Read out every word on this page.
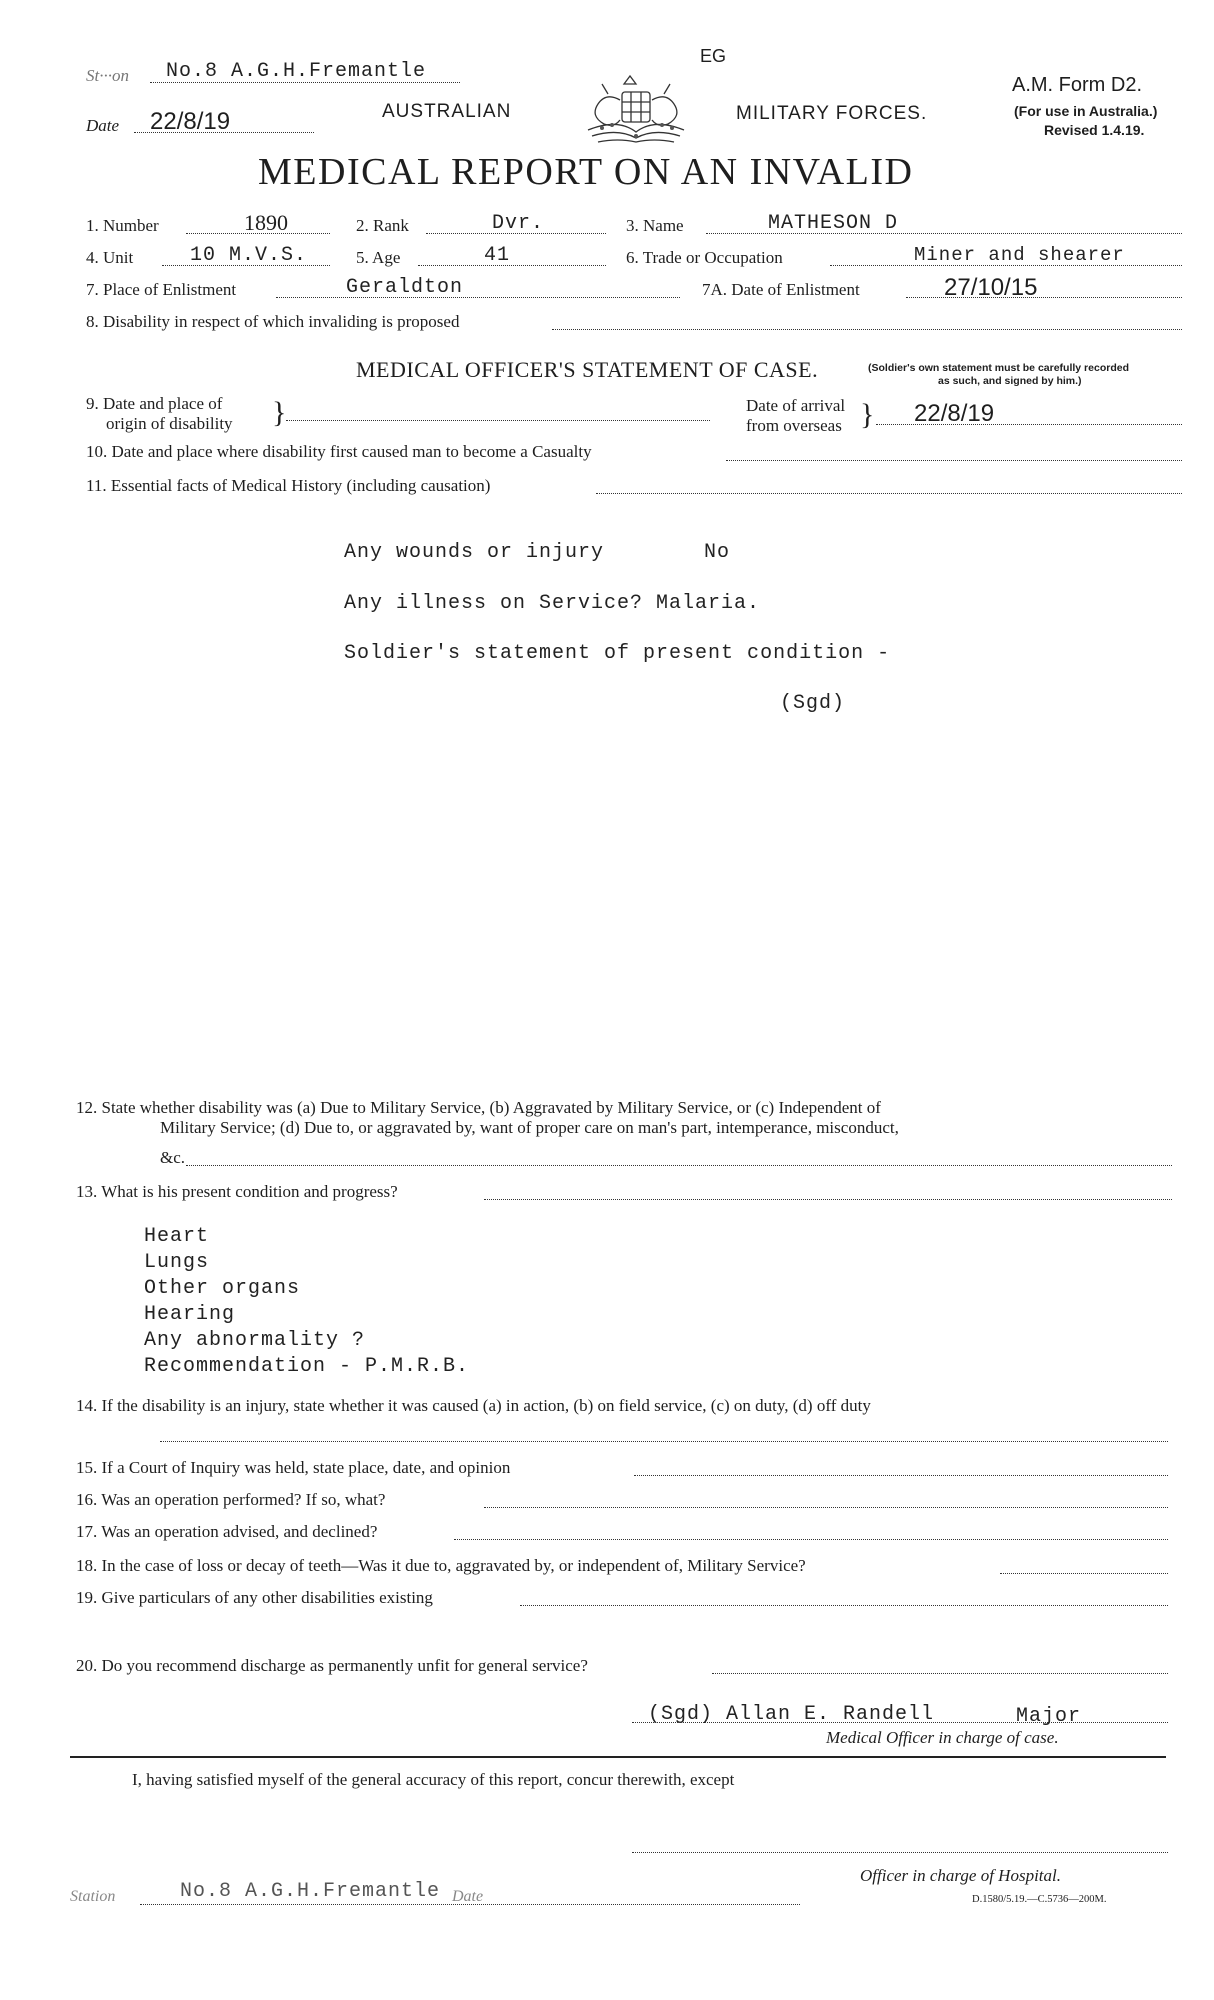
St···on No.8 A.G.H.Fremantle
Date 22/8/19
EG
AUSTRALIAN	MILITARY FORCES.
A.M. Form D2.
(For use in Australia.)
Revised 1.4.19.
MEDICAL REPORT ON AN INVALID
1. Number	1890	2. Rank	Dvr.	3. Name	MATHESON D
4. Unit	10 M.V.S.	5. Age	41	6. Trade or Occupation	Miner and shearer
7. Place of Enlistment	Geraldton	7A. Date of Enlistment	27/10/15
8. Disability in respect of which invaliding is proposed
MEDICAL OFFICER'S STATEMENT OF CASE.	(Soldier's own statement must be carefully recorded
as such, and signed by him.)
9. Date and place of
origin of disability }	Date of arrival
from overseas } 22/8/19
10. Date and place where disability first caused man to become a Casualty
11. Essential facts of Medical History (including causation)
Any wounds or injury	No
Any illness on Service? Malaria.
Soldier's statement of present condition -
(Sgd)
12. State whether disability was (a) Due to Military Service, (b) Aggravated by Military Service, or (c) Independent of
Military Service; (d) Due to, or aggravated by, want of proper care on man's part, intemperance, misconduct,
&c.
13. What is his present condition and progress?
Heart
Lungs
Other organs
Hearing
Any abnormality ?
Recommendation - P.M.R.B.
14. If the disability is an injury, state whether it was caused (a) in action, (b) on field service, (c) on duty, (d) off duty
15. If a Court of Inquiry was held, state place, date, and opinion
16. Was an operation performed? If so, what?
17. Was an operation advised, and declined?
18. In the case of loss or decay of teeth—Was it due to, aggravated by, or independent of, Military Service?
19. Give particulars of any other disabilities existing
20. Do you recommend discharge as permanently unfit for general service?
(Sgd) Allan E. Randell	Major
Medical Officer in charge of case.
I, having satisfied myself of the general accuracy of this report, concur therewith, except
Officer in charge of Hospital.
Station	No.8 A.G.H.Fremantle Date	D.1580/5.19.—C.5736—200M.
